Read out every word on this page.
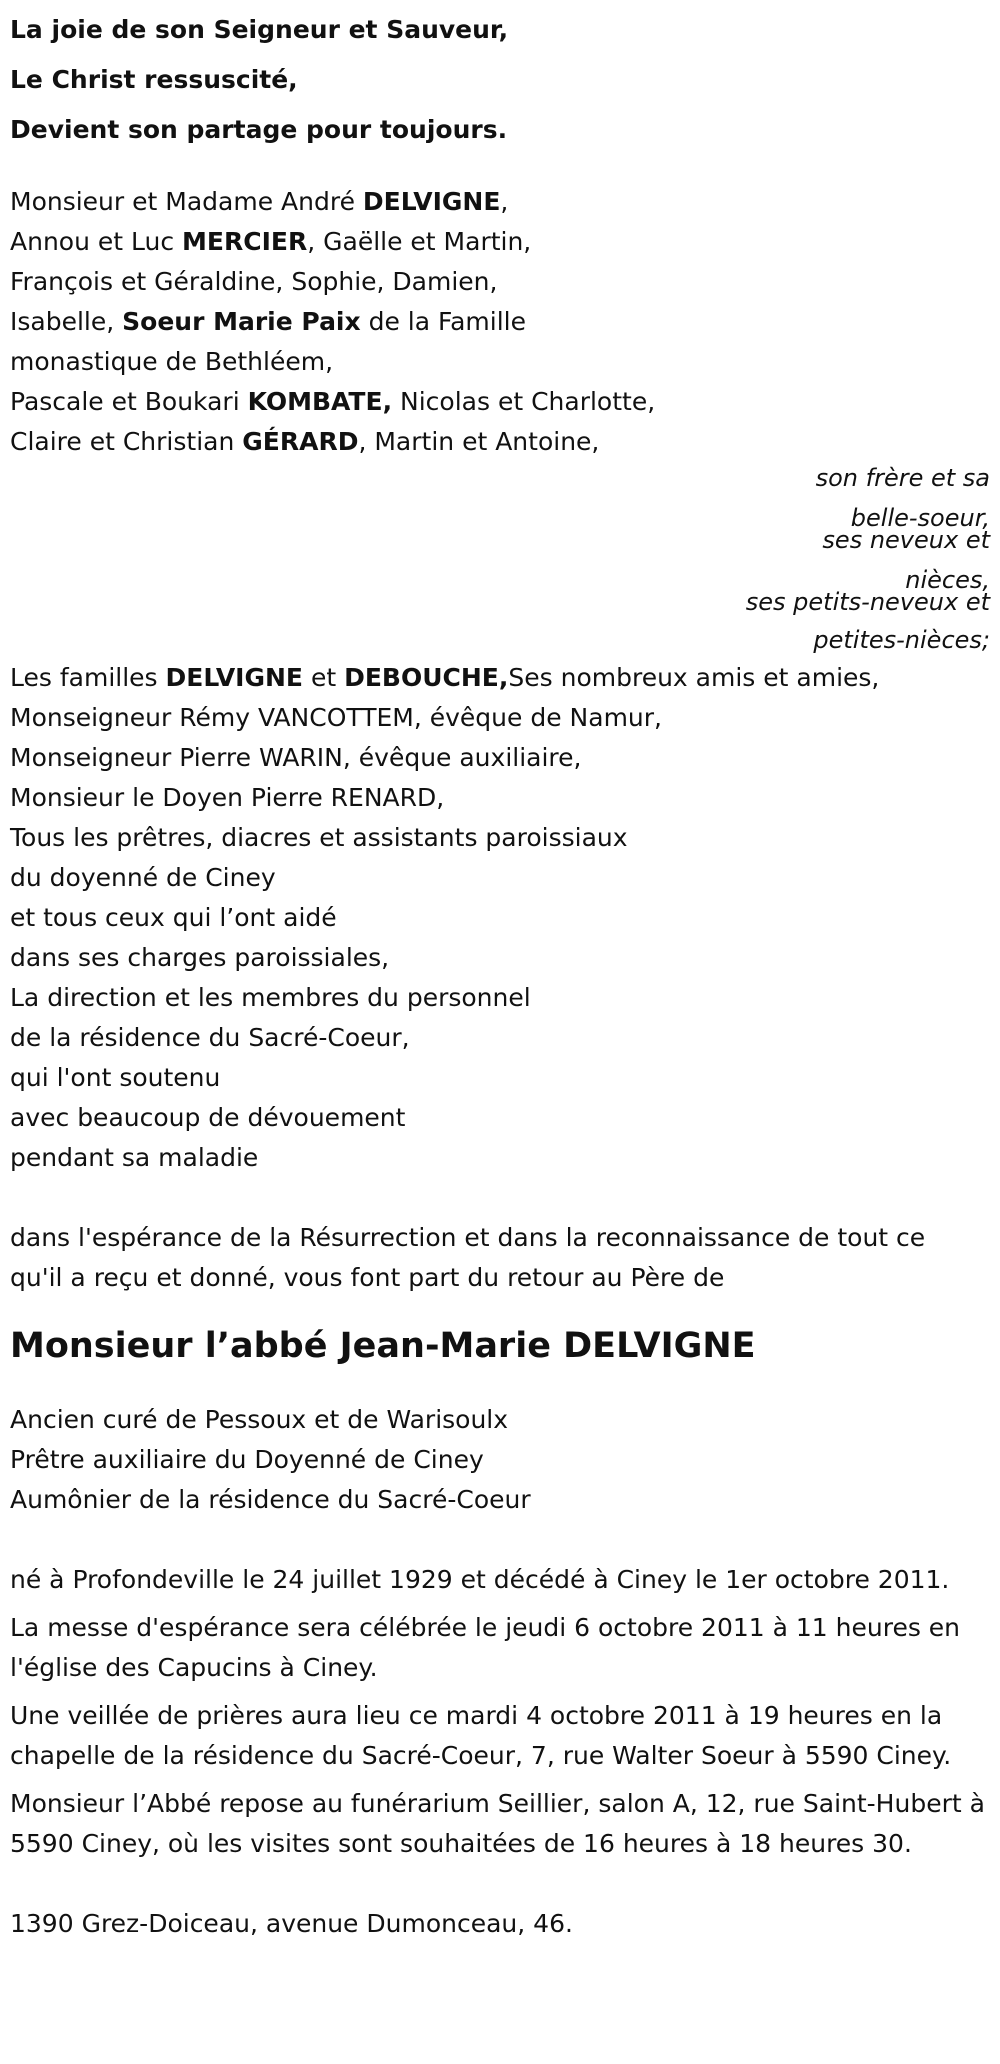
La joie de son Seigneur et Sauveur,
Le Christ ressuscité,
Devient son partage pour toujours.
Monsieur et Madame André DELVIGNE,
Annou et Luc MERCIER, Gaëlle et Martin,
François et Géraldine, Sophie, Damien,
Isabelle, Soeur Marie Paix de la Famille
monastique de Bethléem,
Pascale et Boukari KOMBATE, Nicolas et Charlotte,
Claire et Christian GÉRARD, Martin et Antoine,
son frère et sa
belle-soeur,
ses neveux et
nièces,
ses petits-neveux et
petites-nièces;
Les familles DELVIGNE et DEBOUCHE,Ses nombreux amis et amies,
Monseigneur Rémy VANCOTTEM, évêque de Namur,
Monseigneur Pierre WARIN, évêque auxiliaire,
Monsieur le Doyen Pierre RENARD,
Tous les prêtres, diacres et assistants paroissiaux
du doyenné de Ciney
et tous ceux qui l’ont aidé
dans ses charges paroissiales,
La direction et les membres du personnel
de la résidence du Sacré-Coeur,
qui l'ont soutenu
avec beaucoup de dévouement
pendant sa maladie
dans l'espérance de la Résurrection et dans la reconnaissance de tout ce
qu'il a reçu et donné, vous font part du retour au Père de
Monsieur l’abbé Jean-Marie DELVIGNE
Ancien curé de Pessoux et de Warisoulx
Prêtre auxiliaire du Doyenné de Ciney
Aumônier de la résidence du Sacré-Coeur
né à Profondeville le 24 juillet 1929 et décédé à Ciney le 1er octobre 2011.
La messe d'espérance sera célébrée le jeudi 6 octobre 2011 à 11 heures en l'église des Capucins à Ciney.
Une veillée de prières aura lieu ce mardi 4 octobre 2011 à 19 heures en la chapelle de la résidence du Sacré-Coeur, 7, rue Walter Soeur à 5590 Ciney.
Monsieur l’Abbé repose au funérarium Seillier, salon A, 12, rue Saint-Hubert à 5590 Ciney, où les visites sont souhaitées de 16 heures à 18 heures 30.
1390 Grez-Doiceau, avenue Dumonceau, 46.
